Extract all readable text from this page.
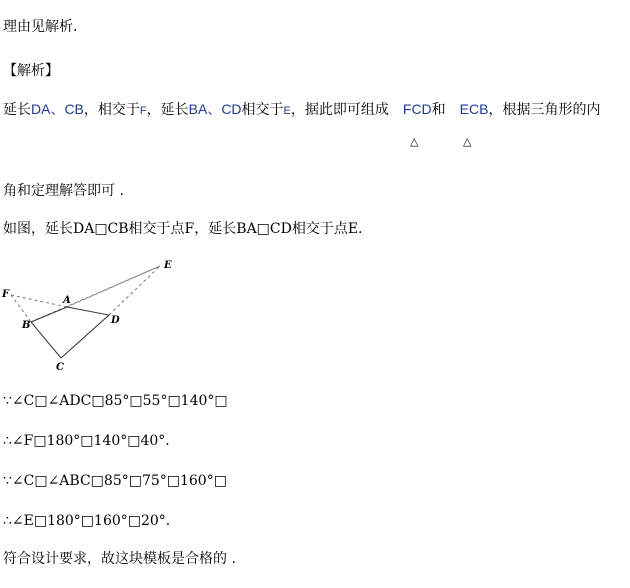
理由见解析.
【解析】
延长DA、CB，相交于F，延长BA、CD相交于E，据此即可组成 FCD和 ECB，根据三角形的内
△	△
角和定理解答即可 .
如图，延长DA□CB相交于点F，延长BA□CD相交于点E.
E
F
A
B	D
C
∵∠C□∠ADC□85°□55°□140°□
∴∠F□180°□140°□40°.
∵∠C□∠ABC□85°□75°□160°□
∴∠E□180°□160°□20°.
符合设计要求，故这块模板是合格的 .
